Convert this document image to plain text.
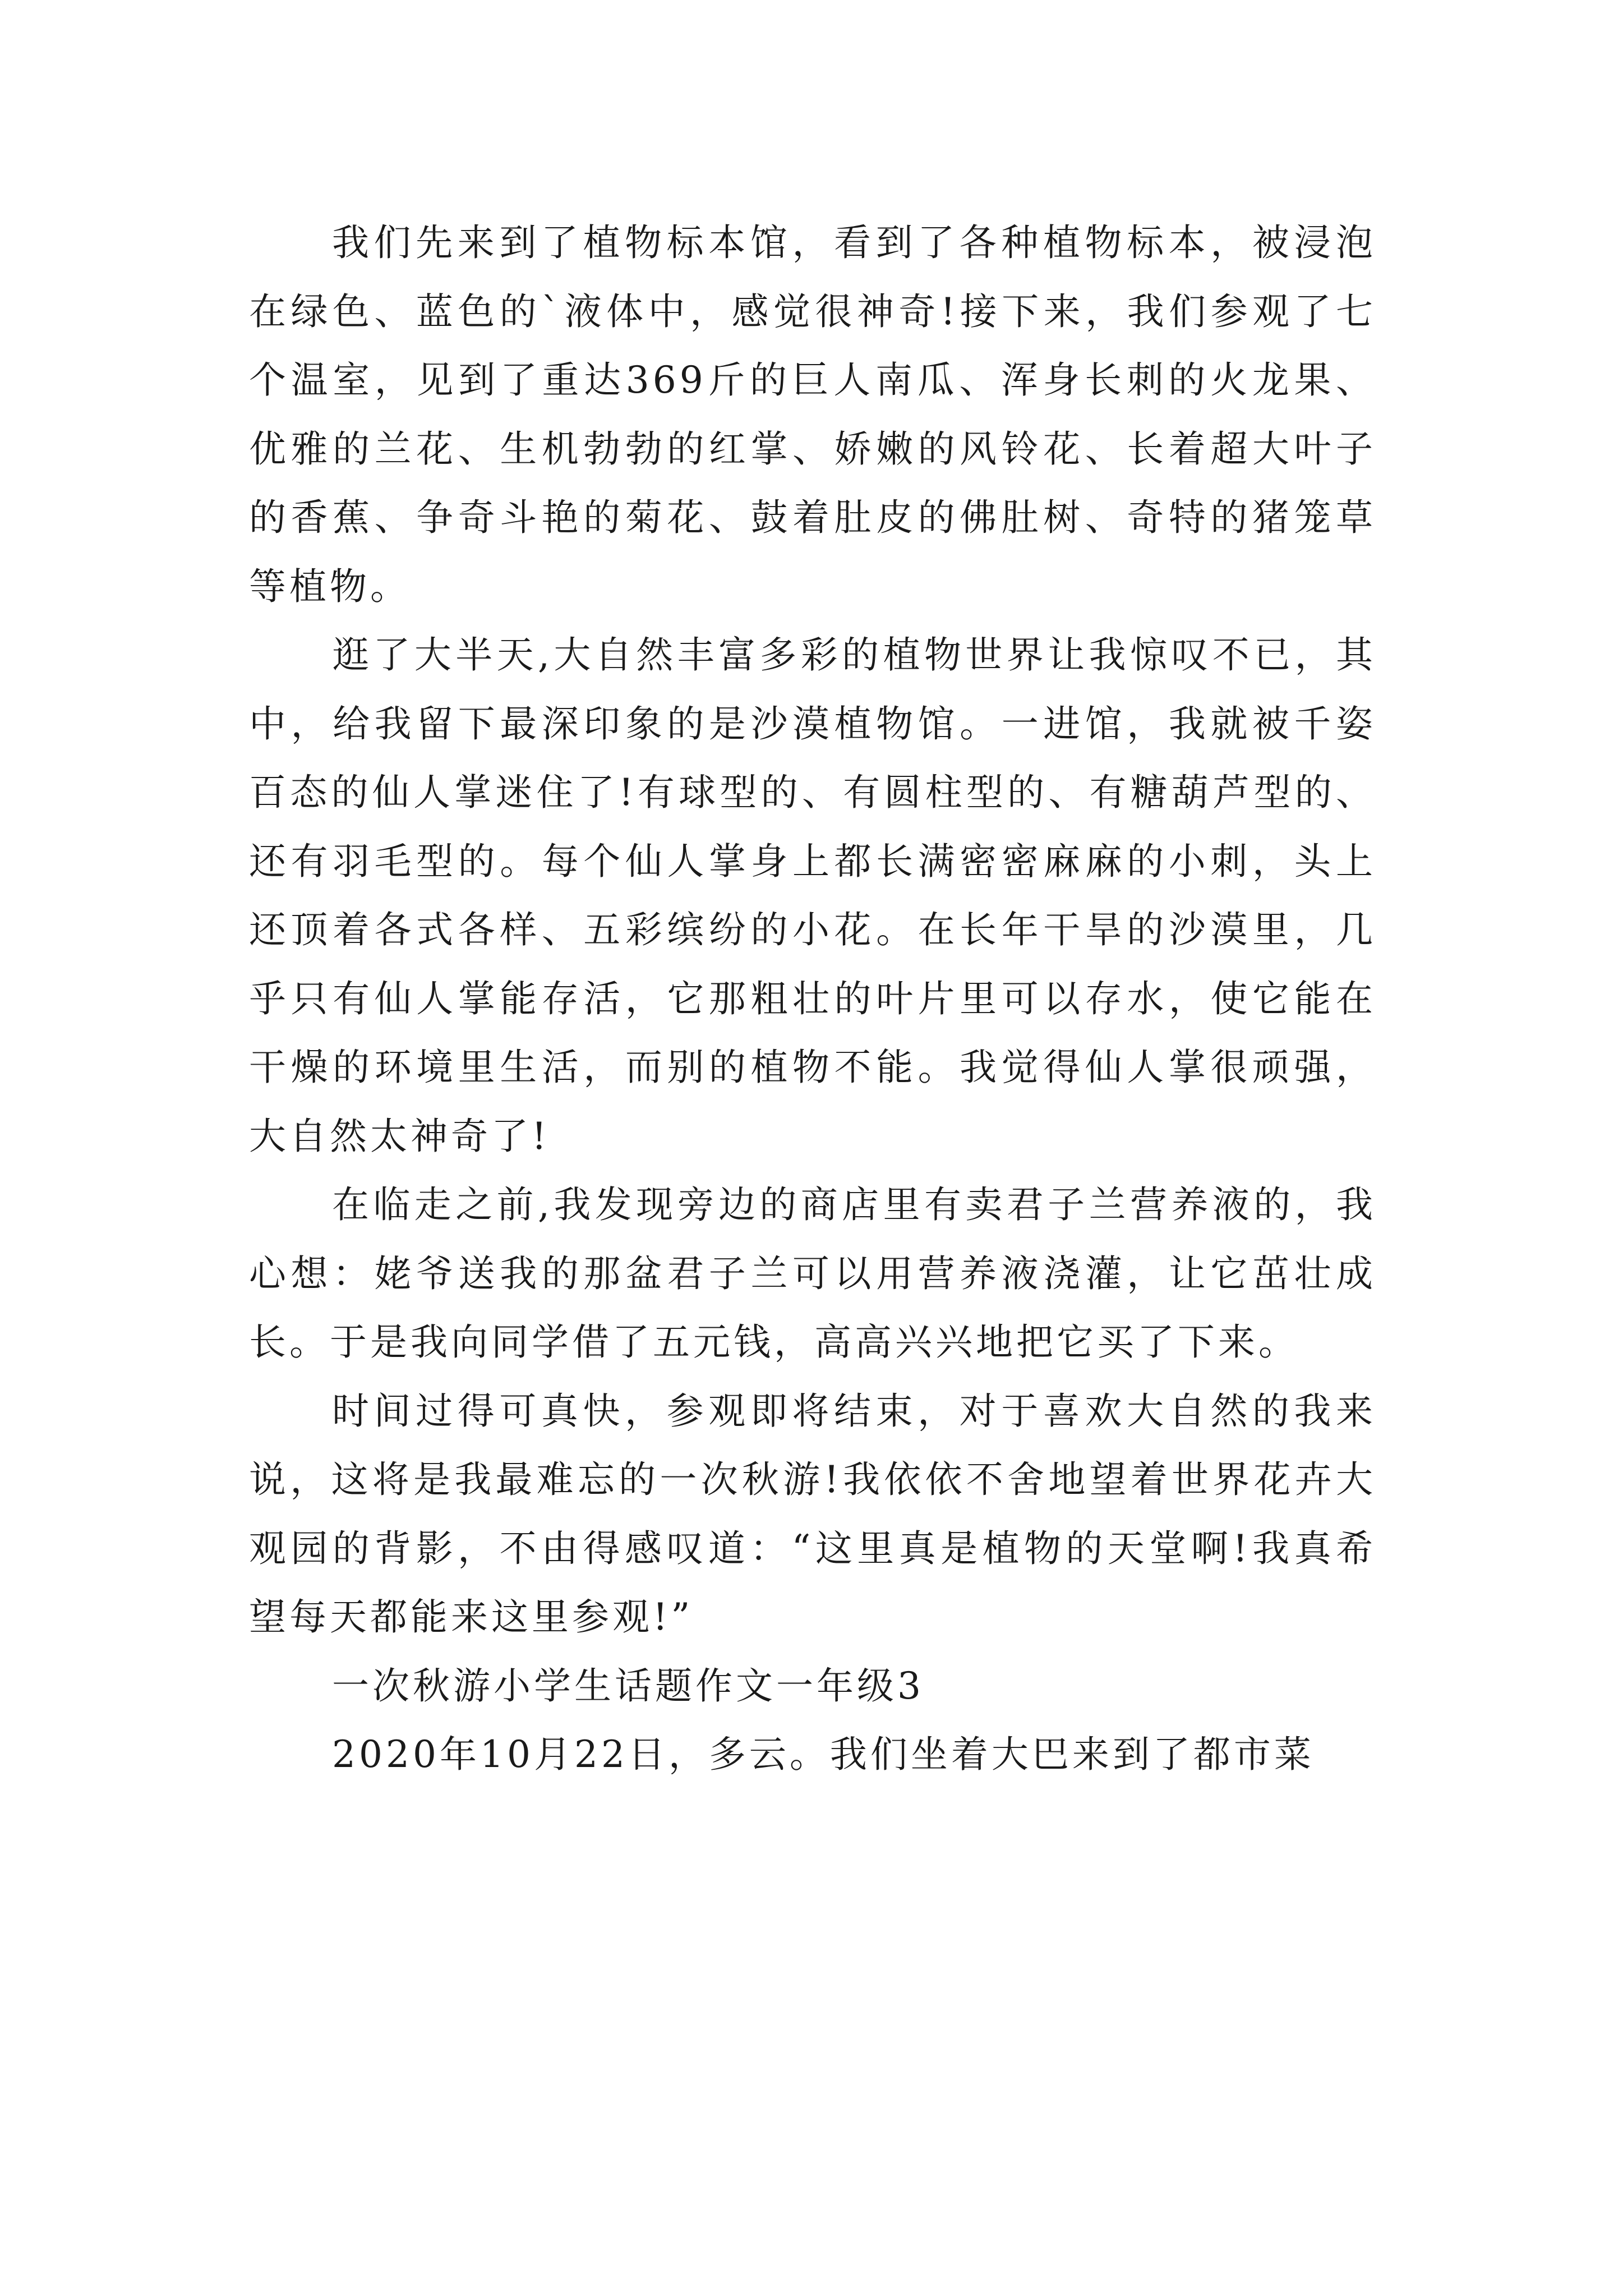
我们先来到了植物标本馆，看到了各种植物标本，被浸泡在绿色、蓝色的`液体中，感觉很神奇!接下来，我们参观了七个温室，见到了重达369斤的巨人南瓜、浑身长刺的火龙果、优雅的兰花、生机勃勃的红掌、娇嫩的风铃花、长着超大叶子的香蕉、争奇斗艳的菊花、鼓着肚皮的佛肚树、奇特的猪笼草等植物。

逛了大半天,大自然丰富多彩的植物世界让我惊叹不已，其中，给我留下最深印象的是沙漠植物馆。一进馆，我就被千姿百态的仙人掌迷住了!有球型的、有圆柱型的、有糖葫芦型的、还有羽毛型的。每个仙人掌身上都长满密密麻麻的小刺，头上还顶着各式各样、五彩缤纷的小花。在长年干旱的沙漠里，几乎只有仙人掌能存活，它那粗壮的叶片里可以存水，使它能在干燥的环境里生活，而别的植物不能。我觉得仙人掌很顽强，大自然太神奇了!

在临走之前,我发现旁边的商店里有卖君子兰营养液的，我心想：姥爷送我的那盆君子兰可以用营养液浇灌，让它茁壮成长。于是我向同学借了五元钱，高高兴兴地把它买了下来。

时间过得可真快，参观即将结束，对于喜欢大自然的我来说，这将是我最难忘的一次秋游!我依依不舍地望着世界花卉大观园的背影，不由得感叹道：“这里真是植物的天堂啊!我真希望每天都能来这里参观!”

一次秋游小学生话题作文一年级3

2020年10月22日，多云。我们坐着大巴来到了都市菜
